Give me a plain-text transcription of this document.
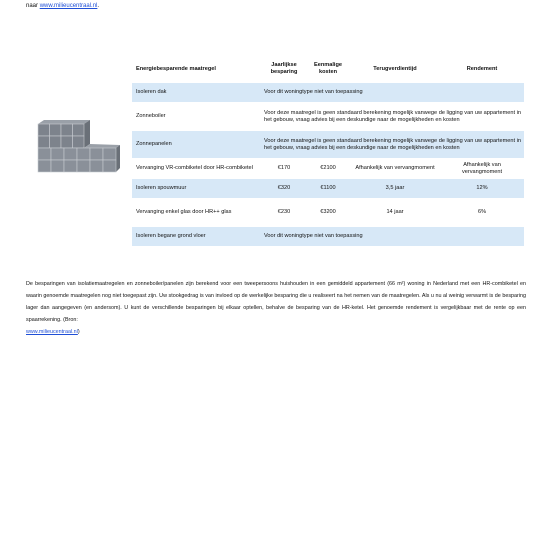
naar www.milieucentraal.nl.
Energiebesparende maatregel	Jaarlijkse besparing	Eenmalige kosten	Terugverdientijd	Rendement
Isoleren dak	Voor dit woningtype niet van toepassing			
Zonneboiler	Voor deze maatregel is geen standaard berekening mogelijk vanwege de ligging van uw appartement in het gebouw, vraag advies bij een deskundige naar de mogelijkheden en kosten			
Zonnepanelen	Voor deze maatregel is geen standaard berekening mogelijk vanwege de ligging van uw appartement in het gebouw, vraag advies bij een deskundige naar de mogelijkheden en kosten			
Vervanging VR-combiketel door HR-combiketel	€170	€2100	Afhankelijk van vervangmoment	Afhankelijk van vervangmoment
Isoleren spouwmuur	€320	€1100	3,5 jaar	12%
Vervanging enkel glas door HR++ glas	€230	€3200	14 jaar	6%
Isoleren begane grond vloer	Voor dit woningtype niet van toepassing			
De besparingen van isolatiemaatregelen en zonneboiler/panelen zijn berekend voor een tweepersoons huishouden in een gemiddeld appartement (66 m²) woning in Nederland met een HR-combiketel en waarin genoemde maatregelen nog niet toegepast zijn. Uw stookgedrag is van invloed op de werkelijke besparing die u realiseert na het nemen van de maatregelen. Als u nu al weinig verwarmt is de besparing lager dan aangegeven (en andersom). U kunt de verschillende besparingen bij elkaar optellen, behalve de besparing van de HR-ketel. Het genoemde rendement is vergelijkbaar met de rente op een spaarrekening. (Bron:
www.milieucentraal.nl)
